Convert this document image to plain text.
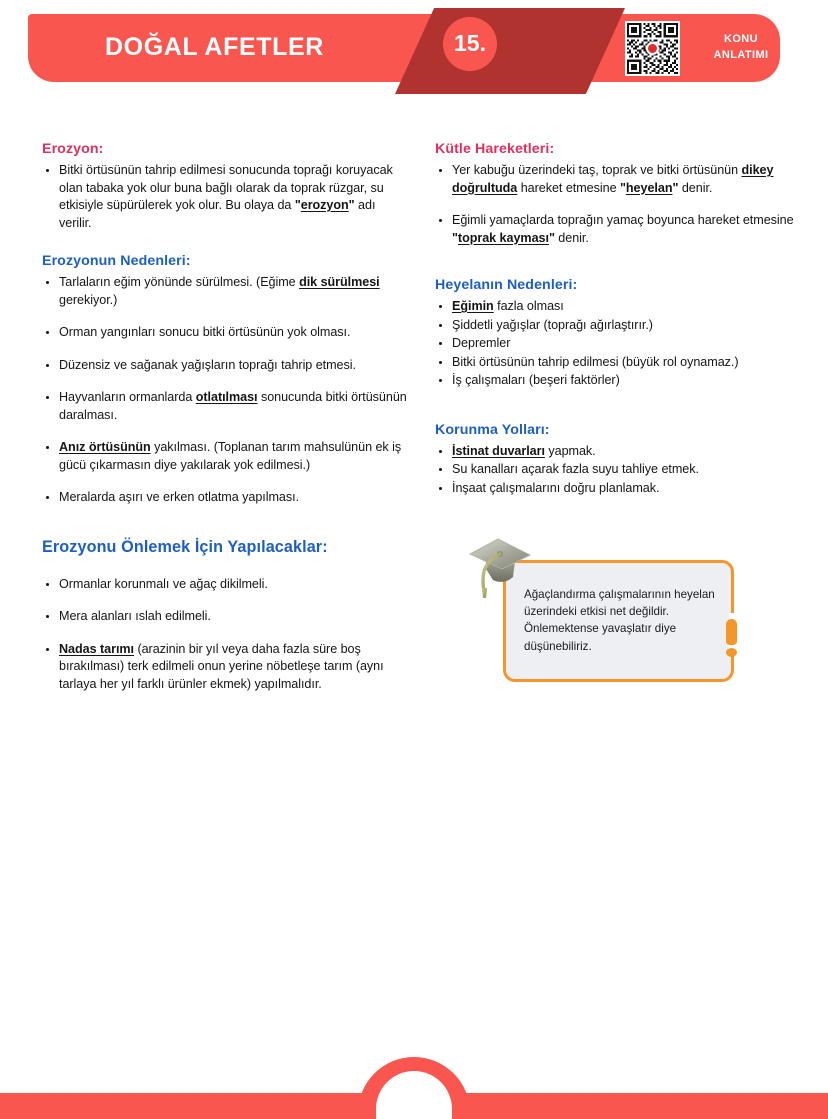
DOĞAL AFETLER	15.	KONU
ANLATIMI
Erozyon:
Bitki örtüsünün tahrip edilmesi sonucunda toprağı koruyacak olan tabaka yok olur buna bağlı olarak da toprak rüzgar, su etkisiyle süpürülerek yok olur. Bu olaya da "erozyon" adı verilir.
Erozyonun Nedenleri:
Tarlaların eğim yönünde sürülmesi. (Eğime dik sürülmesi gerekiyor.)
Orman yangınları sonucu bitki örtüsünün yok olması.
Düzensiz ve sağanak yağışların toprağı tahrip etmesi.
Hayvanların ormanlarda otlatılması sonucunda bitki örtüsünün daralması.
Anız örtüsünün yakılması. (Toplanan tarım mahsulünün ek iş gücü çıkarmasın diye yakılarak yok edilmesi.)
Meralarda aşırı ve erken otlatma yapılması.
Erozyonu Önlemek İçin Yapılacaklar:
Ormanlar korunmalı ve ağaç dikilmeli.
Mera alanları ıslah edilmeli.
Nadas tarımı (arazinin bir yıl veya daha fazla süre boş bırakılması) terk edilmeli onun yerine nöbetleşe tarım (aynı tarlaya her yıl farklı ürünler ekmek) yapılmalıdır.
Kütle Hareketleri:
Yer kabuğu üzerindeki taş, toprak ve bitki örtüsünün dikey doğrultuda hareket etmesine "heyelan" denir.
Eğimli yamaçlarda toprağın yamaç boyunca hareket etmesine "toprak kayması" denir.
Heyelanın Nedenleri:
Eğimin fazla olması
Şiddetli yağışlar (toprağı ağırlaştırır.)
Depremler
Bitki örtüsünün tahrip edilmesi (büyük rol oynamaz.)
İş çalışmaları (beşeri faktörler)
Korunma Yolları:
İstinat duvarları yapmak.
Su kanalları açarak fazla suyu tahliye etmek.
İnşaat çalışmalarını doğru planlamak.
Ağaçlandırma çalışmalarının heyelan üzerindeki etkisi net değildir. Önlemektense yavaşlatır diye düşünebiliriz.
